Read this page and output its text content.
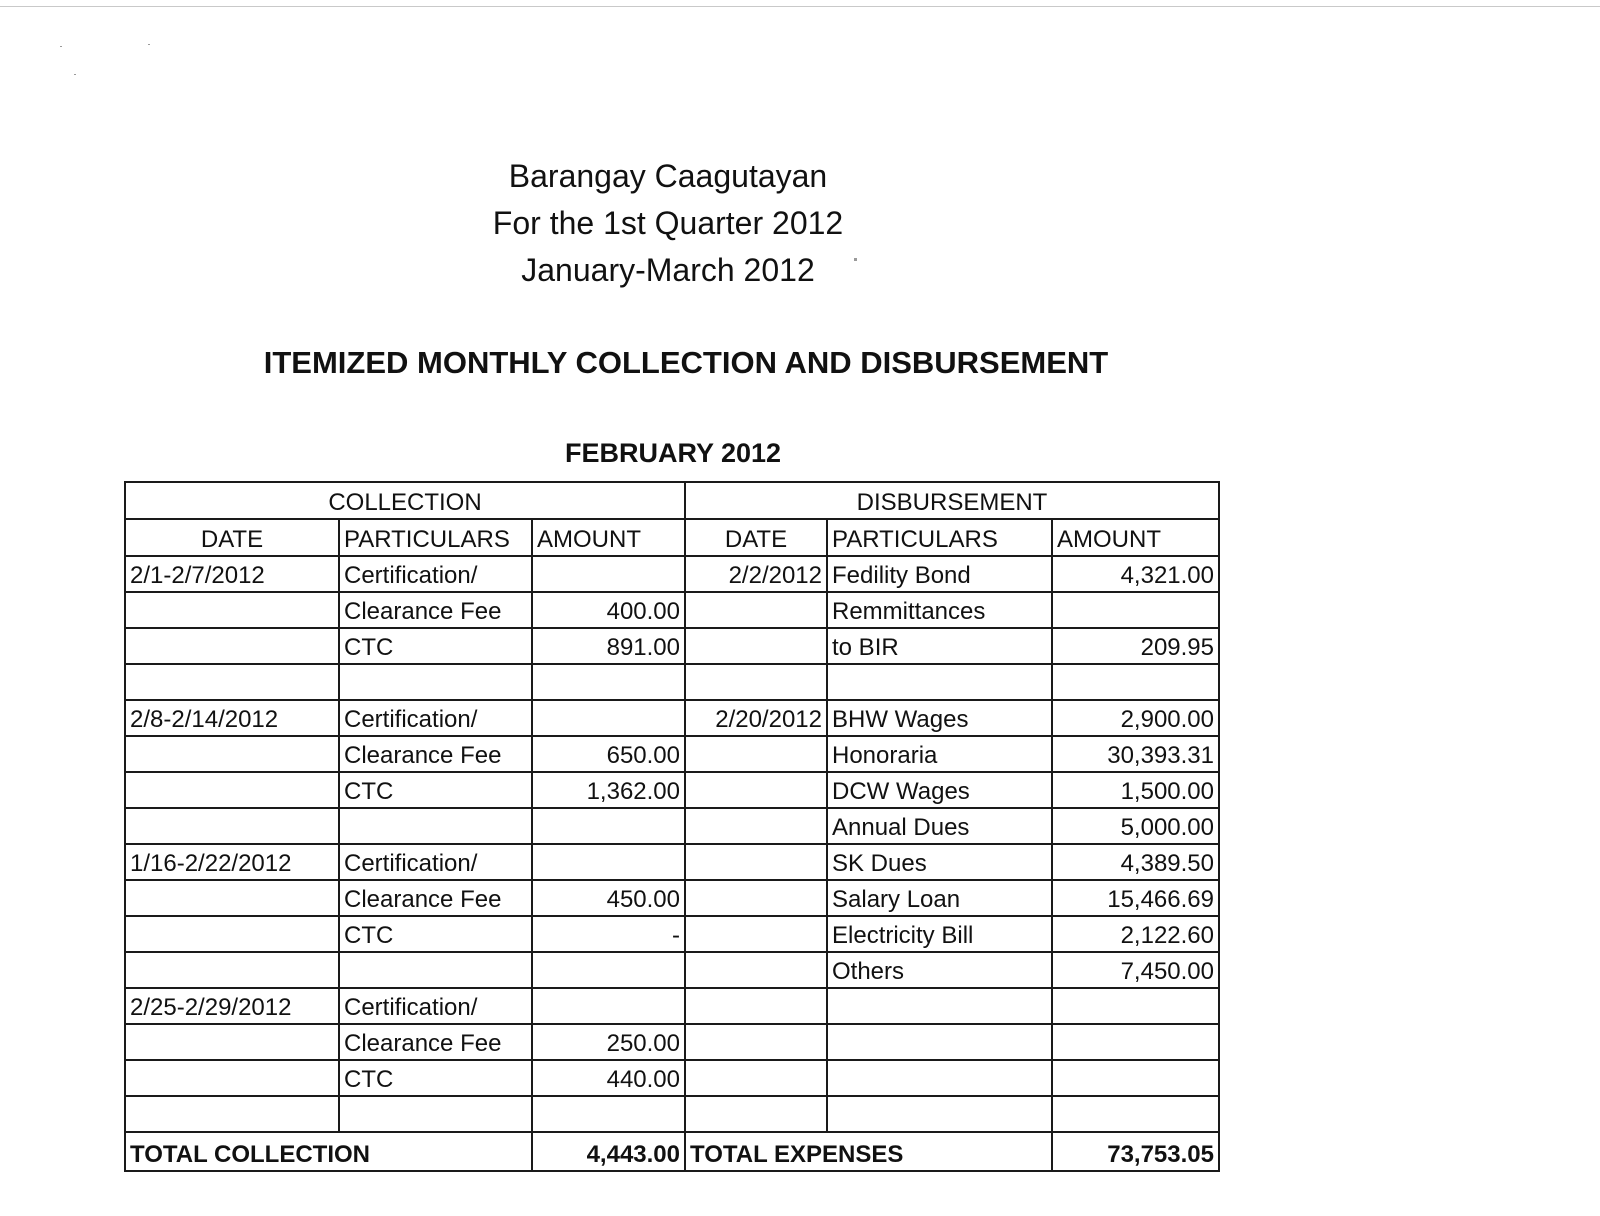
Barangay Caagutayan
For the 1st Quarter 2012
January-March 2012
ITEMIZED MONTHLY COLLECTION AND DISBURSEMENT
FEBRUARY 2012
COLLECTION			DISBURSEMENT		
DATE	PARTICULARS	AMOUNT	DATE	PARTICULARS	AMOUNT
2/1-2/7/2012	Certification/		2/2/2012	Fedility Bond	4,321.00
	Clearance Fee	400.00		Remmittances	
	CTC	891.00		to BIR	209.95

2/8-2/14/2012	Certification/		2/20/2012	BHW Wages	2,900.00
	Clearance Fee	650.00		Honoraria	30,393.31
	CTC	1,362.00		DCW Wages	1,500.00
				Annual Dues	5,000.00
1/16-2/22/2012	Certification/			SK Dues	4,389.50
	Clearance Fee	450.00		Salary Loan	15,466.69
	CTC	-		Electricity Bill	2,122.60
				Others	7,450.00
2/25-2/29/2012	Certification/				
	Clearance Fee	250.00			
	CTC	440.00			

TOTAL COLLECTION		4,443.00	TOTAL EXPENSES		73,753.05
